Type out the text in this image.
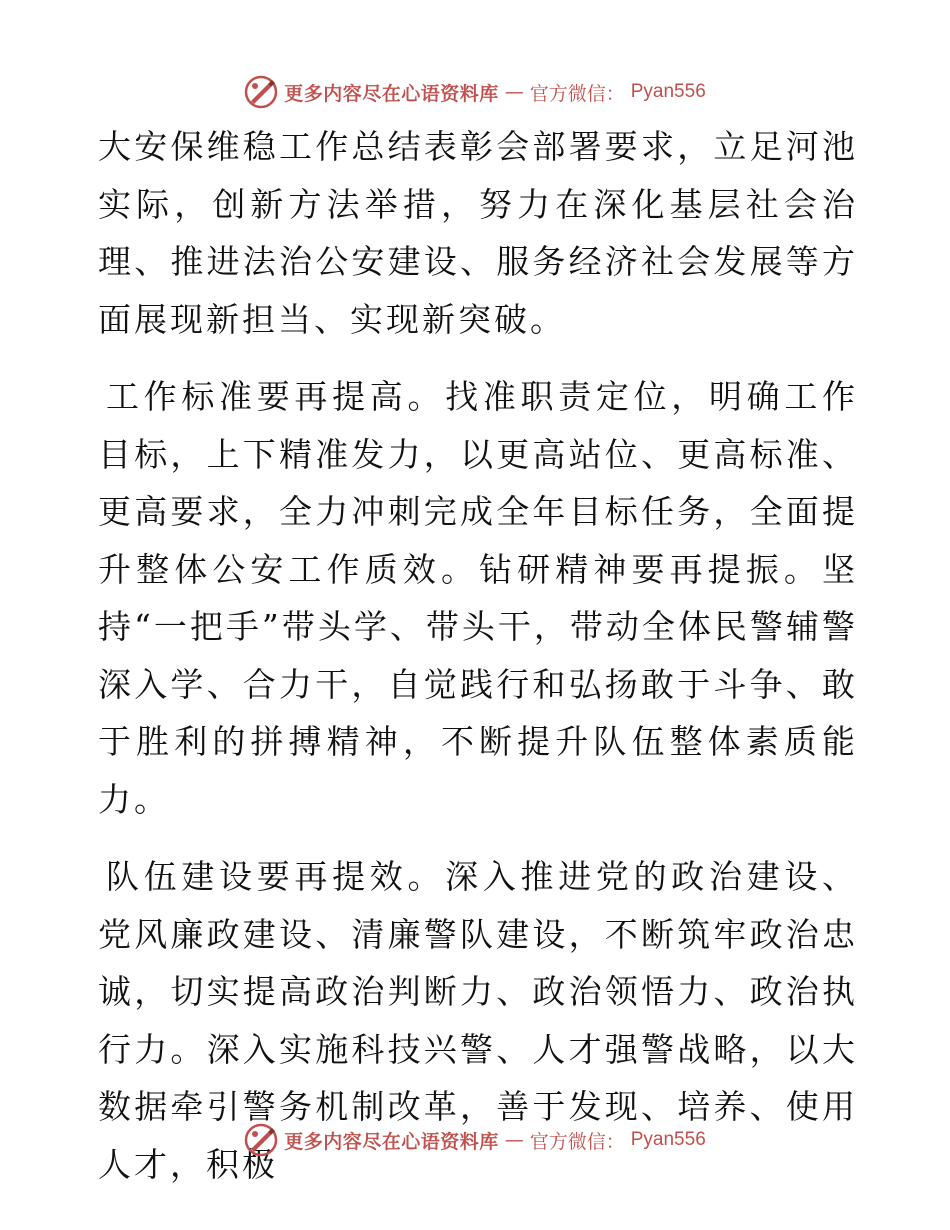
更多内容尽在心语资料库 — 官方微信： Pyan556

大安保维稳工作总结表彰会部署要求，立足河池实际，创新方法举措，努力在深化基层社会治理、推进法治公安建设、服务经济社会发展等方面展现新担当、实现新突破。

工作标准要再提高。找准职责定位，明确工作目标，上下精准发力，以更高站位、更高标准、更高要求，全力冲刺完成全年目标任务，全面提升整体公安工作质效。钻研精神要再提振。坚持“一把手”带头学、带头干，带动全体民警辅警深入学、合力干，自觉践行和弘扬敢于斗争、敢于胜利的拼搏精神，不断提升队伍整体素质能力。

队伍建设要再提效。深入推进党的政治建设、党风廉政建设、清廉警队建设，不断筑牢政治忠诚，切实提高政治判断力、政治领悟力、政治执行力。深入实施科技兴警、人才强警战略，以大数据牵引警务机制改革，善于发现、培养、使用人才，积极

更多内容尽在心语资料库 — 官方微信： Pyan556
